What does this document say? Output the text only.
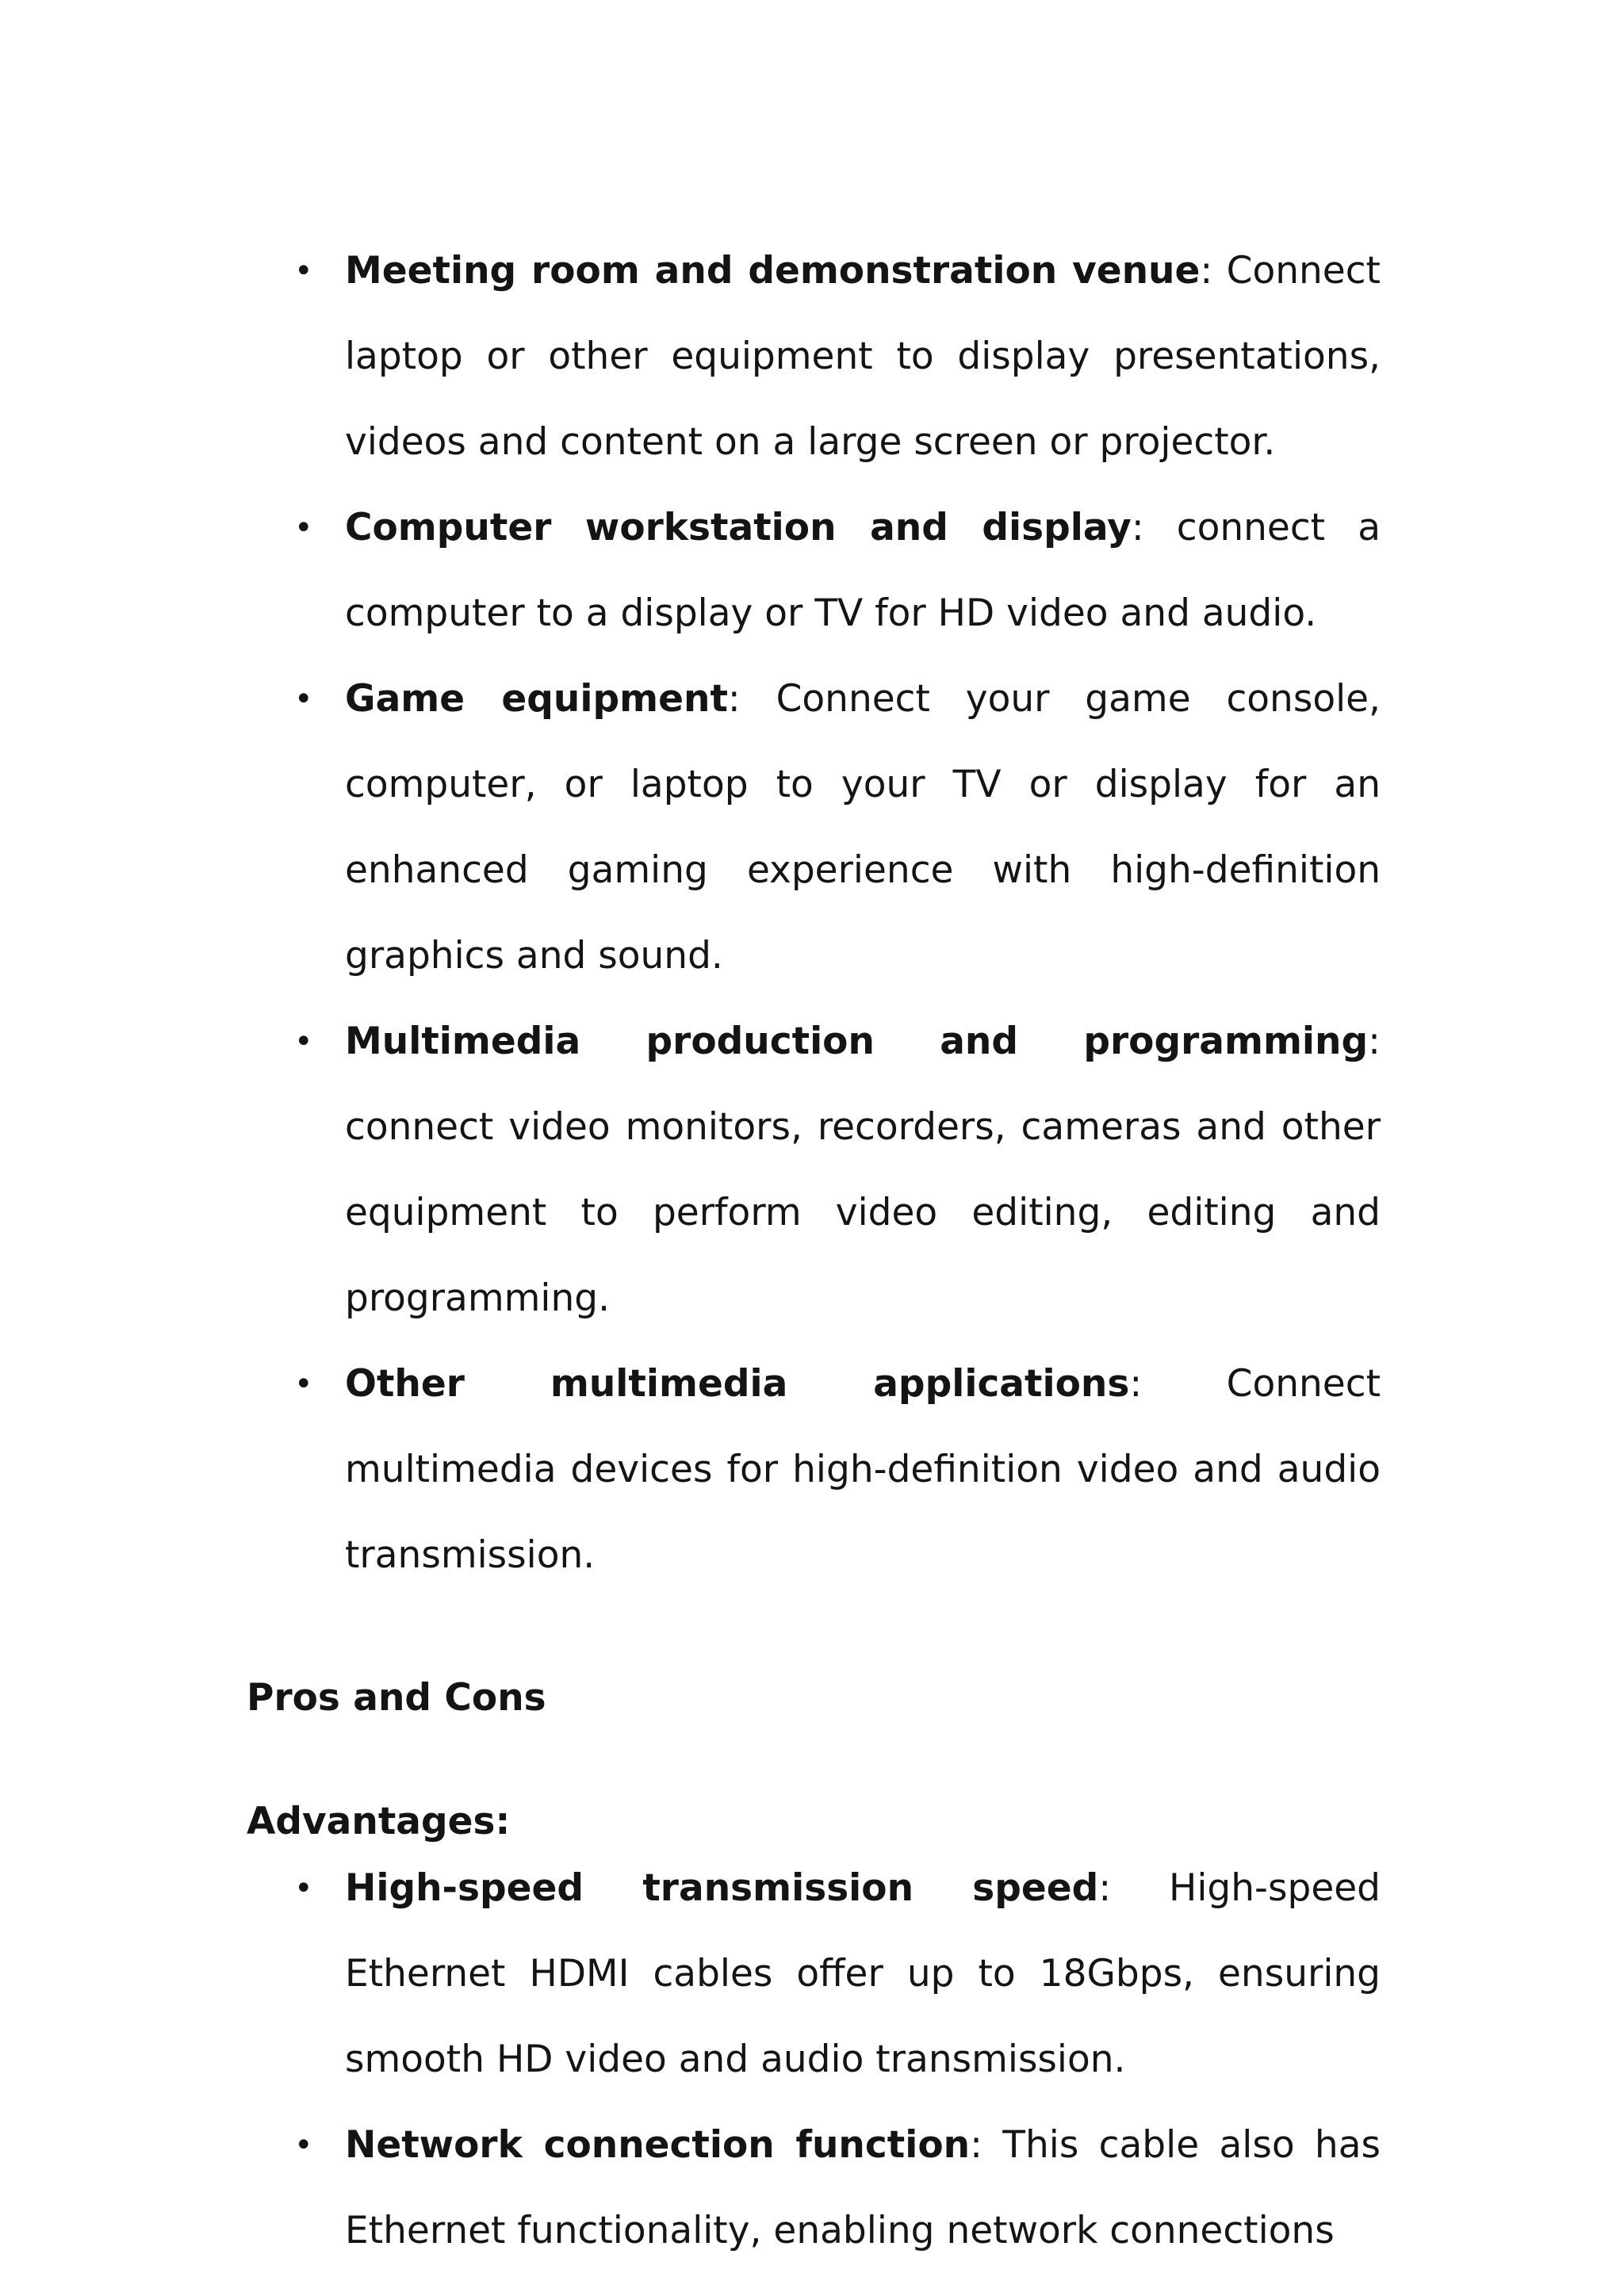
• Meeting room and demonstration venue: Connect laptop or other equipment to display presentations, videos and content on a large screen or projector.
• Computer workstation and display: connect a computer to a display or TV for HD video and audio.
• Game equipment: Connect your game console, computer, or laptop to your TV or display for an enhanced gaming experience with high-definition graphics and sound.
• Multimedia production and programming: connect video monitors, recorders, cameras and other equipment to perform video editing, editing and programming.
• Other multimedia applications: Connect multimedia devices for high-definition video and audio transmission.

Pros and Cons

Advantages:

• High-speed transmission speed: High-speed Ethernet HDMI cables offer up to 18Gbps, ensuring smooth HD video and audio transmission.
• Network connection function: This cable also has Ethernet functionality, enabling network connections
